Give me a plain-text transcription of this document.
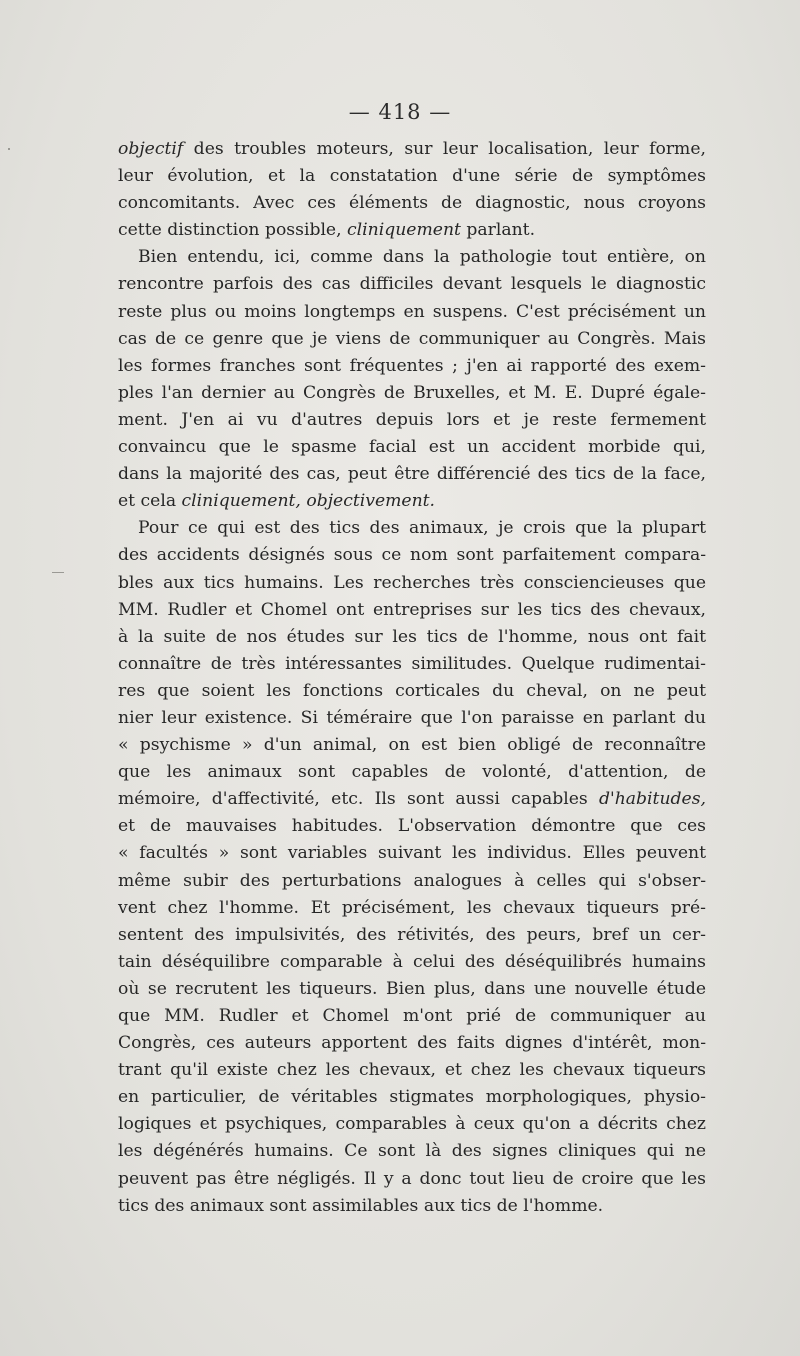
— 418 —
objectif des troubles moteurs, sur leur localisation, leur forme,
leur évolution, et la constatation d'une série de symptômes
concomitants. Avec ces éléments de diagnostic, nous croyons
cette distinction possible, cliniquement parlant.
Bien entendu, ici, comme dans la pathologie tout entière, on
rencontre parfois des cas difficiles devant lesquels le diagnostic
reste plus ou moins longtemps en suspens. C'est précisément un
cas de ce genre que je viens de communiquer au Congrès. Mais
les formes franches sont fréquentes ; j'en ai rapporté des exem-
ples l'an dernier au Congrès de Bruxelles, et M. E. Dupré égale-
ment. J'en ai vu d'autres depuis lors et je reste fermement
convaincu que le spasme facial est un accident morbide qui,
dans la majorité des cas, peut être différencié des tics de la face,
et cela cliniquement, objectivement.
Pour ce qui est des tics des animaux, je crois que la plupart
des accidents désignés sous ce nom sont parfaitement compara-
bles aux tics humains. Les recherches très consciencieuses que
MM. Rudler et Chomel ont entreprises sur les tics des chevaux,
à la suite de nos études sur les tics de l'homme, nous ont fait
connaître de très intéressantes similitudes. Quelque rudimentai-
res que soient les fonctions corticales du cheval, on ne peut
nier leur existence. Si téméraire que l'on paraisse en parlant du
« psychisme » d'un animal, on est bien obligé de reconnaître
que les animaux sont capables de volonté, d'attention, de
mémoire, d'affectivité, etc. Ils sont aussi capables d'habitudes,
et de mauvaises habitudes. L'observation démontre que ces
« facultés » sont variables suivant les individus. Elles peuvent
même subir des perturbations analogues à celles qui s'obser-
vent chez l'homme. Et précisément, les chevaux tiqueurs pré-
sentent des impulsivités, des rétivités, des peurs, bref un cer-
tain déséquilibre comparable à celui des déséquilibrés humains
où se recrutent les tiqueurs. Bien plus, dans une nouvelle étude
que MM. Rudler et Chomel m'ont prié de communiquer au
Congrès, ces auteurs apportent des faits dignes d'intérêt, mon-
trant qu'il existe chez les chevaux, et chez les chevaux tiqueurs
en particulier, de véritables stigmates morphologiques, physio-
logiques et psychiques, comparables à ceux qu'on a décrits chez
les dégénérés humains. Ce sont là des signes cliniques qui ne
peuvent pas être négligés. Il y a donc tout lieu de croire que les
tics des animaux sont assimilables aux tics de l'homme.
